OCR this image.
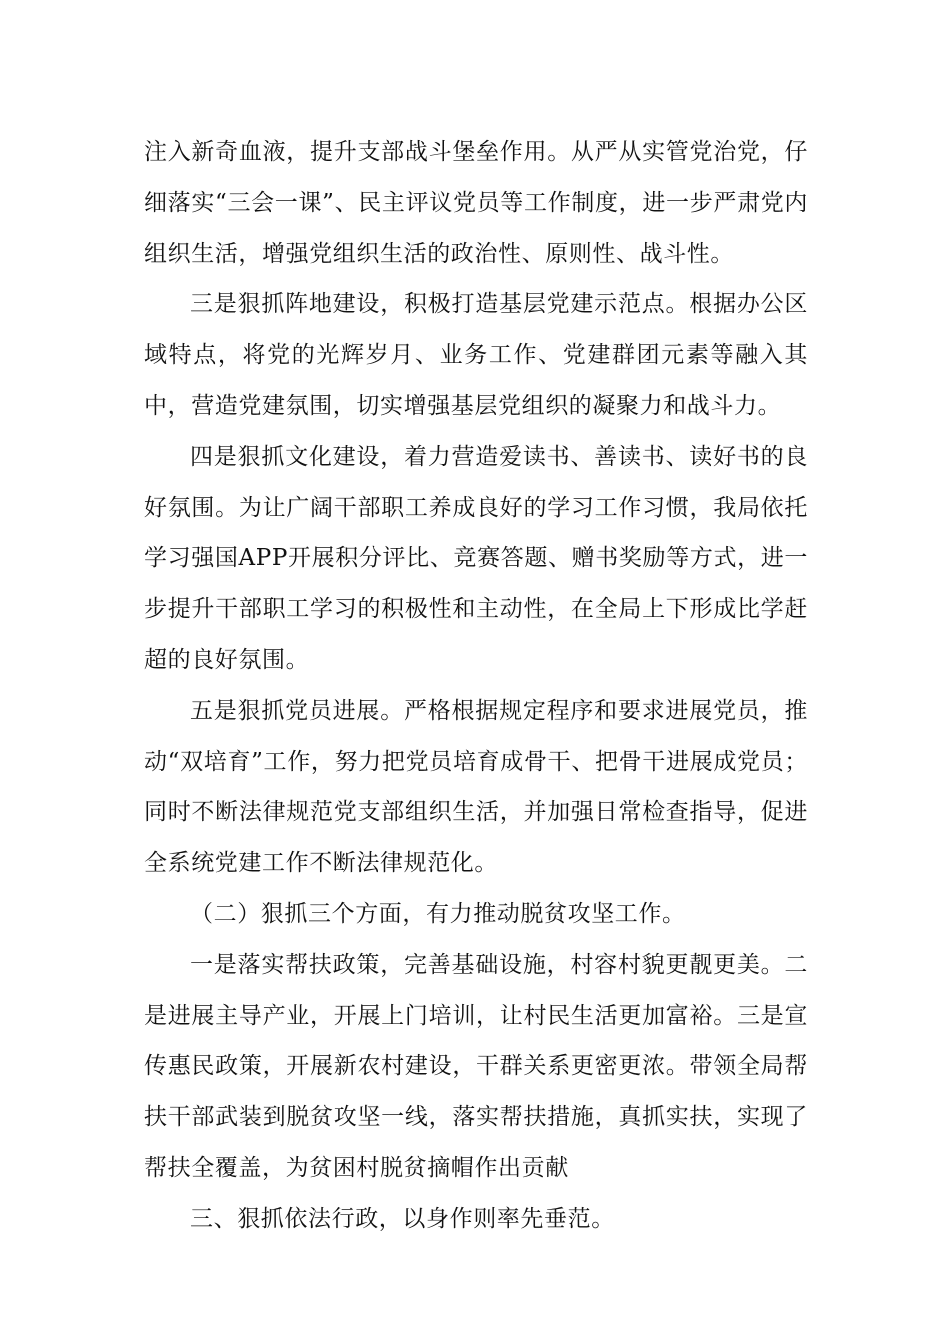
注入新奇血液，提升支部战斗堡垒作用。从严从实管党治党，仔细落实“三会一课”、民主评议党员等工作制度，进一步严肃党内组织生活，增强党组织生活的政治性、原则性、战斗性。

三是狠抓阵地建设，积极打造基层党建示范点。根据办公区域特点，将党的光辉岁月、业务工作、党建群团元素等融入其中，营造党建氛围，切实增强基层党组织的凝聚力和战斗力。

四是狠抓文化建设，着力营造爱读书、善读书、读好书的良好氛围。为让广阔干部职工养成良好的学习工作习惯，我局依托学习强国APP开展积分评比、竞赛答题、赠书奖励等方式，进一步提升干部职工学习的积极性和主动性，在全局上下形成比学赶超的良好氛围。

五是狠抓党员进展。严格根据规定程序和要求进展党员，推动“双培育”工作，努力把党员培育成骨干、把骨干进展成党员；同时不断法律规范党支部组织生活，并加强日常检查指导，促进全系统党建工作不断法律规范化。

（二）狠抓三个方面，有力推动脱贫攻坚工作。

一是落实帮扶政策，完善基础设施，村容村貌更靓更美。二是进展主导产业，开展上门培训，让村民生活更加富裕。三是宣传惠民政策，开展新农村建设，干群关系更密更浓。带领全局帮扶干部武装到脱贫攻坚一线，落实帮扶措施，真抓实扶，实现了帮扶全覆盖，为贫困村脱贫摘帽作出贡献

三、狠抓依法行政，以身作则率先垂范。
